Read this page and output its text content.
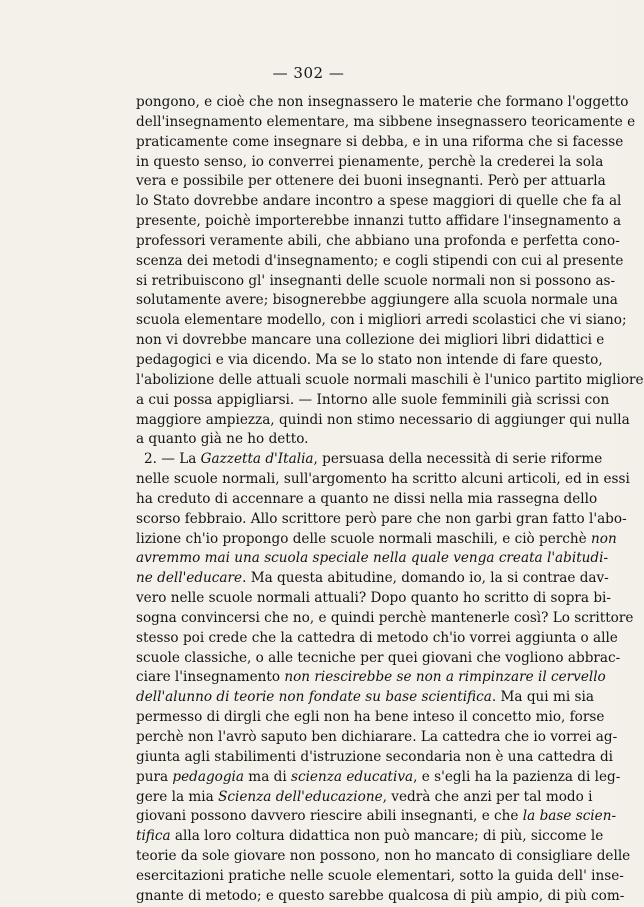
— 302 —
pongono, e cioè che non insegnassero le materie che formano l'oggetto
dell'insegnamento elementare, ma sibbene insegnassero teoricamente e
praticamente come insegnare si debba, e in una riforma che si facesse
in questo senso, io converrei pienamente, perchè la crederei la sola
vera e possibile per ottenere dei buoni insegnanti. Però per attuarla
lo Stato dovrebbe andare incontro a spese maggiori di quelle che fa al
presente, poichè importerebbe innanzi tutto affidare l'insegnamento a
professori veramente abili, che abbiano una profonda e perfetta cono-
scenza dei metodi d'insegnamento; e cogli stipendi con cui al presente
si retribuiscono gl' insegnanti delle scuole normali non si possono as-
solutamente avere; bisognerebbe aggiungere alla scuola normale una
scuola elementare modello, con i migliori arredi scolastici che vi siano;
non vi dovrebbe mancare una collezione dei migliori libri didattici e
pedagogici e via dicendo. Ma se lo stato non intende di fare questo,
l'abolizione delle attuali scuole normali maschili è l'unico partito migliore
a cui possa appigliarsi. — Intorno alle suole femminili già scrissi con
maggiore ampiezza, quindi non stimo necessario di aggiunger qui nulla
a quanto già ne ho detto.
2. — La Gazzetta d'Italia, persuasa della necessità di serie riforme
nelle scuole normali, sull'argomento ha scritto alcuni articoli, ed in essi
ha creduto di accennare a quanto ne dissi nella mia rassegna dello
scorso febbraio. Allo scrittore però pare che non garbi gran fatto l'abo-
lizione ch'io propongo delle scuole normali maschili, e ciò perchè non
avremmo mai una scuola speciale nella quale venga creata l'abitudi-
ne dell'educare. Ma questa abitudine, domando io, la si contrae dav-
vero nelle scuole normali attuali? Dopo quanto ho scritto di sopra bi-
sogna convincersi che no, e quindi perchè mantenerle così? Lo scrittore
stesso poi crede che la cattedra di metodo ch'io vorrei aggiunta o alle
scuole classiche, o alle tecniche per quei giovani che vogliono abbrac-
ciare l'insegnamento non riescirebbe se non a rimpinzare il cervello
dell'alunno di teorie non fondate su base scientifica. Ma qui mi sia
permesso di dirgli che egli non ha bene inteso il concetto mio, forse
perchè non l'avrò saputo ben dichiarare. La cattedra che io vorrei ag-
giunta agli stabilimenti d'istruzione secondaria non è una cattedra di
pura pedagogia ma di scienza educativa, e s'egli ha la pazienza di leg-
gere la mia Scienza dell'educazione, vedrà che anzi per tal modo i
giovani possono davvero riescire abili insegnanti, e che la base scien-
tifica alla loro coltura didattica non può mancare; di più, siccome le
teorie da sole giovare non possono, non ho mancato di consigliare delle
esercitazioni pratiche nelle scuole elementari, sotto la guida dell' inse-
gnante di metodo; e questo sarebbe qualcosa di più ampio, di più com-
